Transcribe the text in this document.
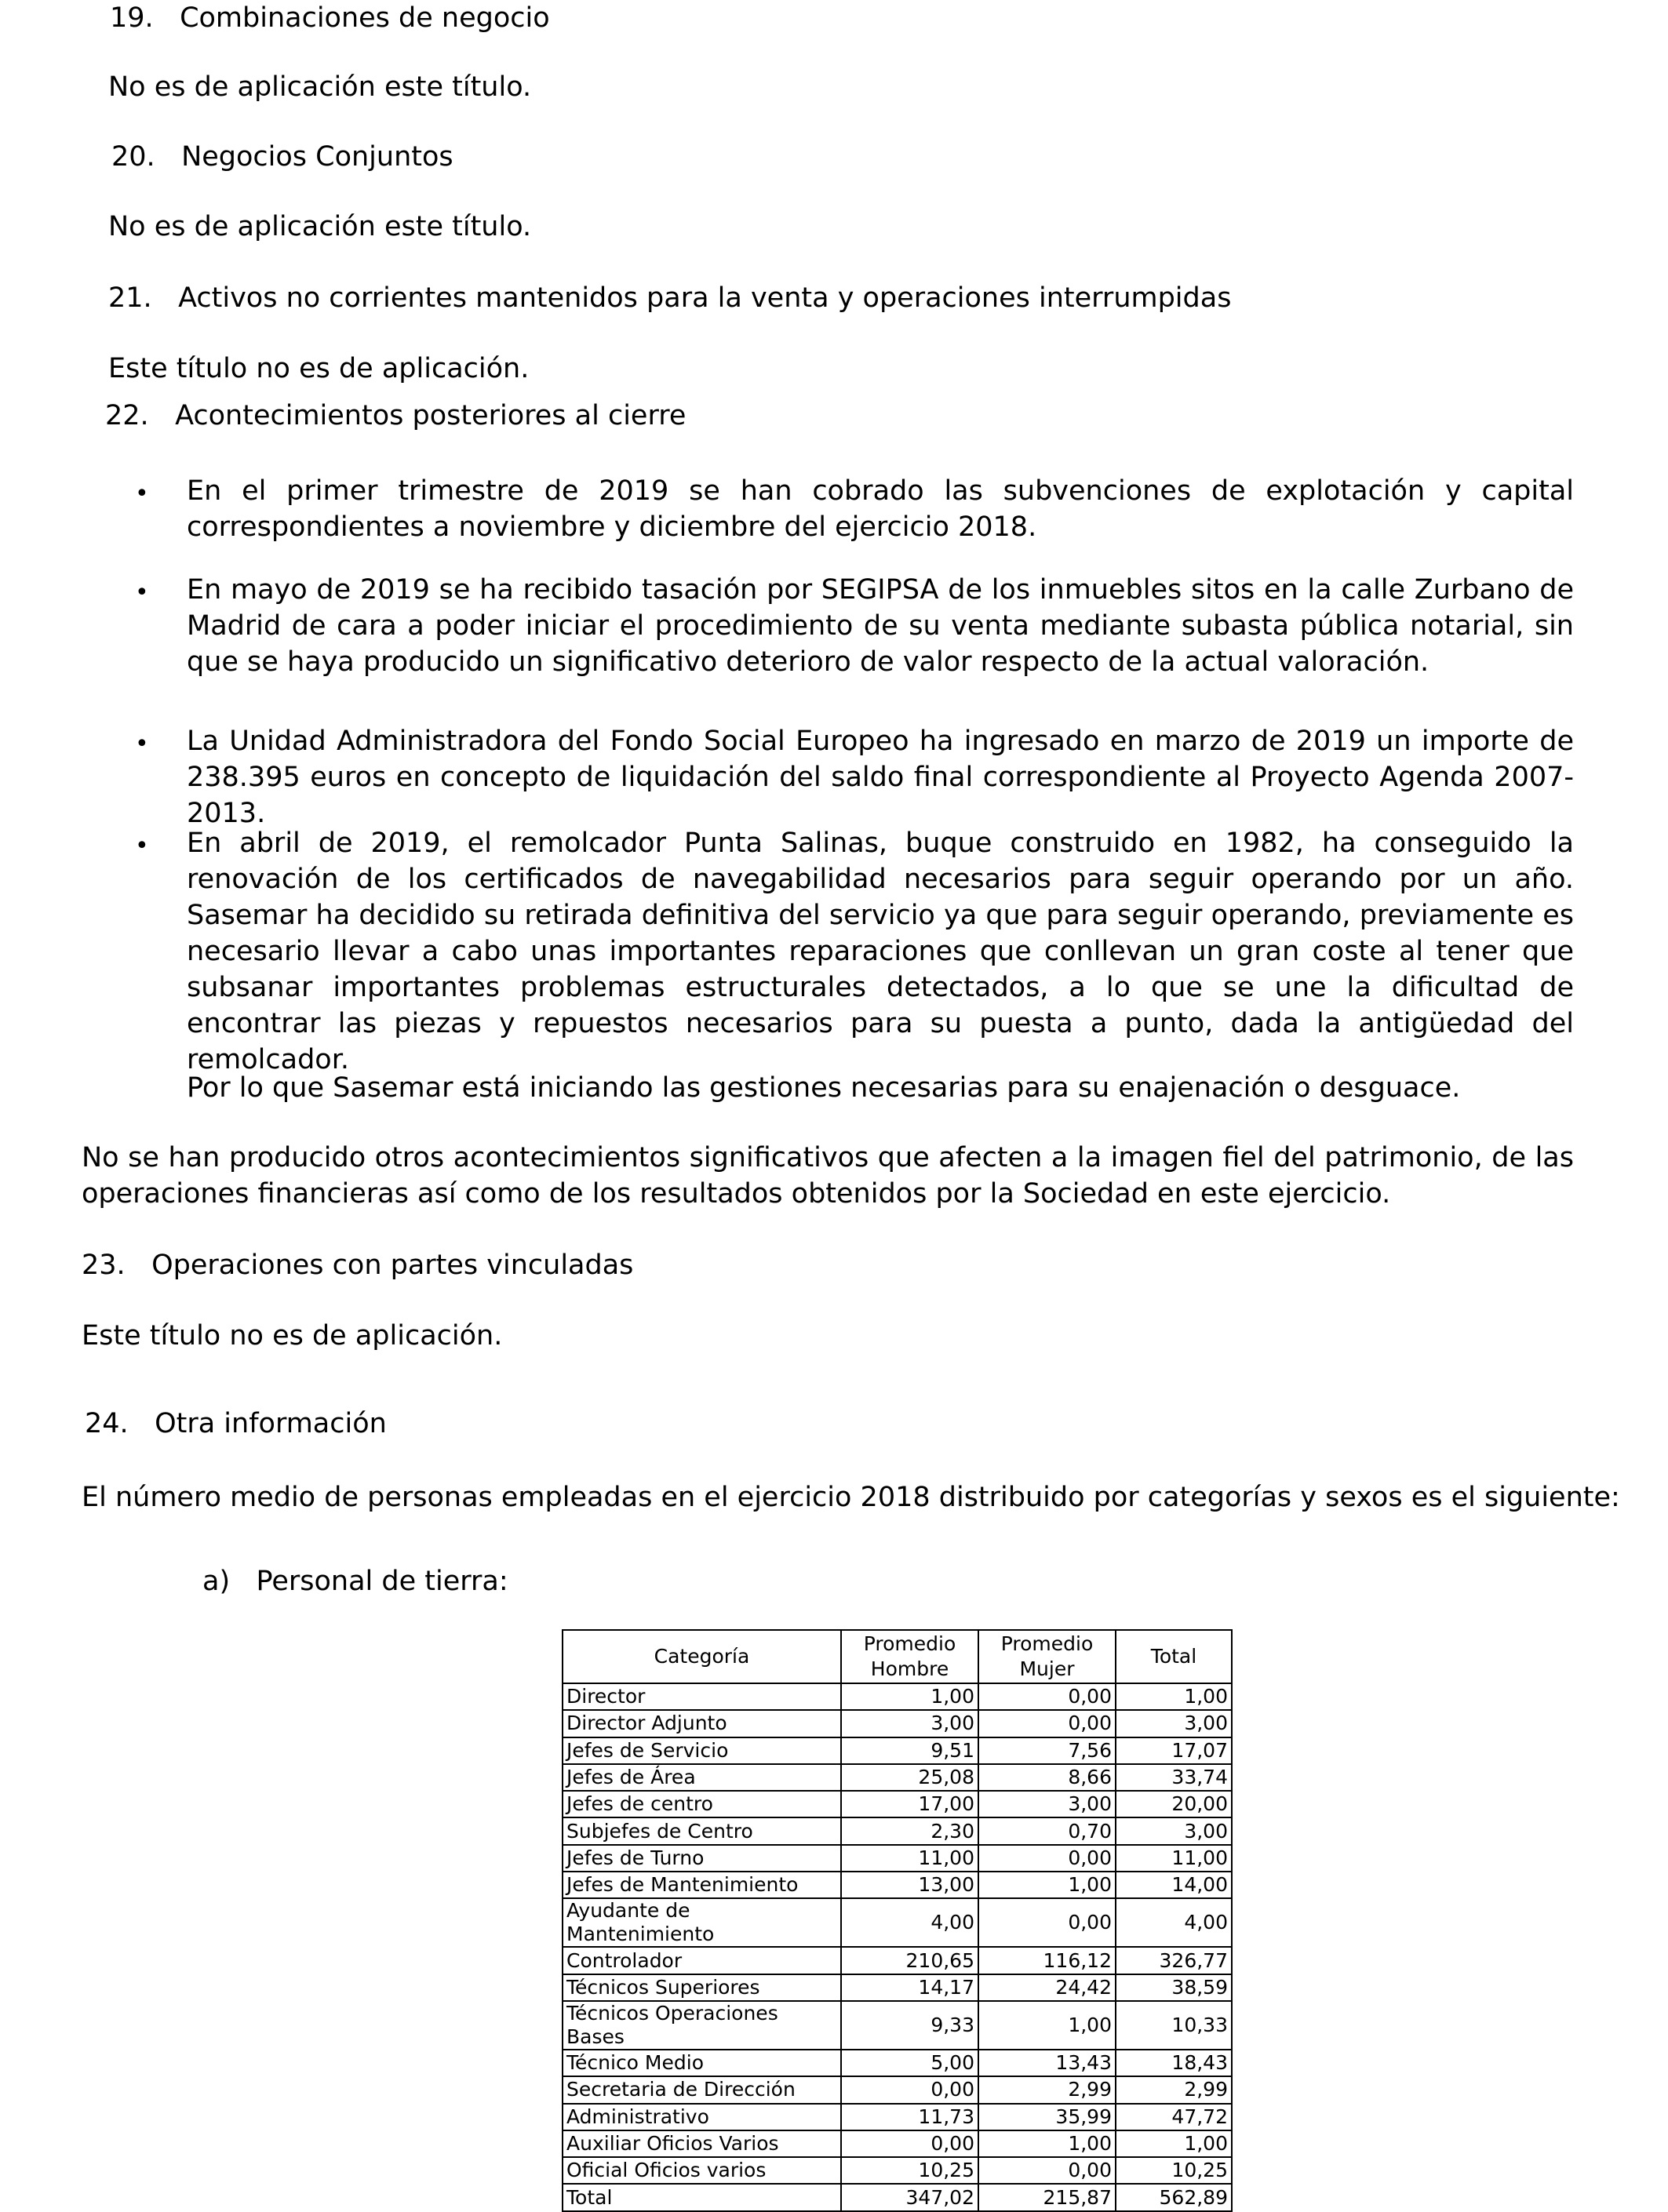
19. Combinaciones de negocio
No es de aplicación este título.
20. Negocios Conjuntos
No es de aplicación este título.
21. Activos no corrientes mantenidos para la venta y operaciones interrumpidas
Este título no es de aplicación.
22. Acontecimientos posteriores al cierre
• En el primer trimestre de 2019 se han cobrado las subvenciones de explotación y capital correspondientes a noviembre y diciembre del ejercicio 2018.
• En mayo de 2019 se ha recibido tasación por SEGIPSA de los inmuebles sitos en la calle Zurbano de Madrid de cara a poder iniciar el procedimiento de su venta mediante subasta pública notarial, sin que se haya producido un significativo deterioro de valor respecto de la actual valoración.
• La Unidad Administradora del Fondo Social Europeo ha ingresado en marzo de 2019 un importe de 238.395 euros en concepto de liquidación del saldo final correspondiente al Proyecto Agenda 2007-2013.
• En abril de 2019, el remolcador Punta Salinas, buque construido en 1982, ha conseguido la renovación de los certificados de navegabilidad necesarios para seguir operando por un año. Sasemar ha decidido su retirada definitiva del servicio ya que para seguir operando, previamente es necesario llevar a cabo unas importantes reparaciones que conllevan un gran coste al tener que subsanar importantes problemas estructurales detectados, a lo que se une la dificultad de encontrar las piezas y repuestos necesarios para su puesta a punto, dada la antigüedad del remolcador.
Por lo que Sasemar está iniciando las gestiones necesarias para su enajenación o desguace.
No se han producido otros acontecimientos significativos que afecten a la imagen fiel del patrimonio, de las operaciones financieras así como de los resultados obtenidos por la Sociedad en este ejercicio.
23. Operaciones con partes vinculadas
Este título no es de aplicación.
24. Otra información
El número medio de personas empleadas en el ejercicio 2018 distribuido por categorías y sexos es el siguiente:
a) Personal de tierra:
Categoría	Promedio Hombre	Promedio Mujer	Total
Director	1,00	0,00	1,00
Director Adjunto	3,00	0,00	3,00
Jefes de Servicio	9,51	7,56	17,07
Jefes de Área	25,08	8,66	33,74
Jefes de centro	17,00	3,00	20,00
Subjefes de Centro	2,30	0,70	3,00
Jefes de Turno	11,00	0,00	11,00
Jefes de Mantenimiento	13,00	1,00	14,00
Ayudante de Mantenimiento	4,00	0,00	4,00
Controlador	210,65	116,12	326,77
Técnicos Superiores	14,17	24,42	38,59
Técnicos Operaciones Bases	9,33	1,00	10,33
Técnico Medio	5,00	13,43	18,43
Secretaria de Dirección	0,00	2,99	2,99
Administrativo	11,73	35,99	47,72
Auxiliar Oficios Varios	0,00	1,00	1,00
Oficial Oficios varios	10,25	0,00	10,25
Total	347,02	215,87	562,89
